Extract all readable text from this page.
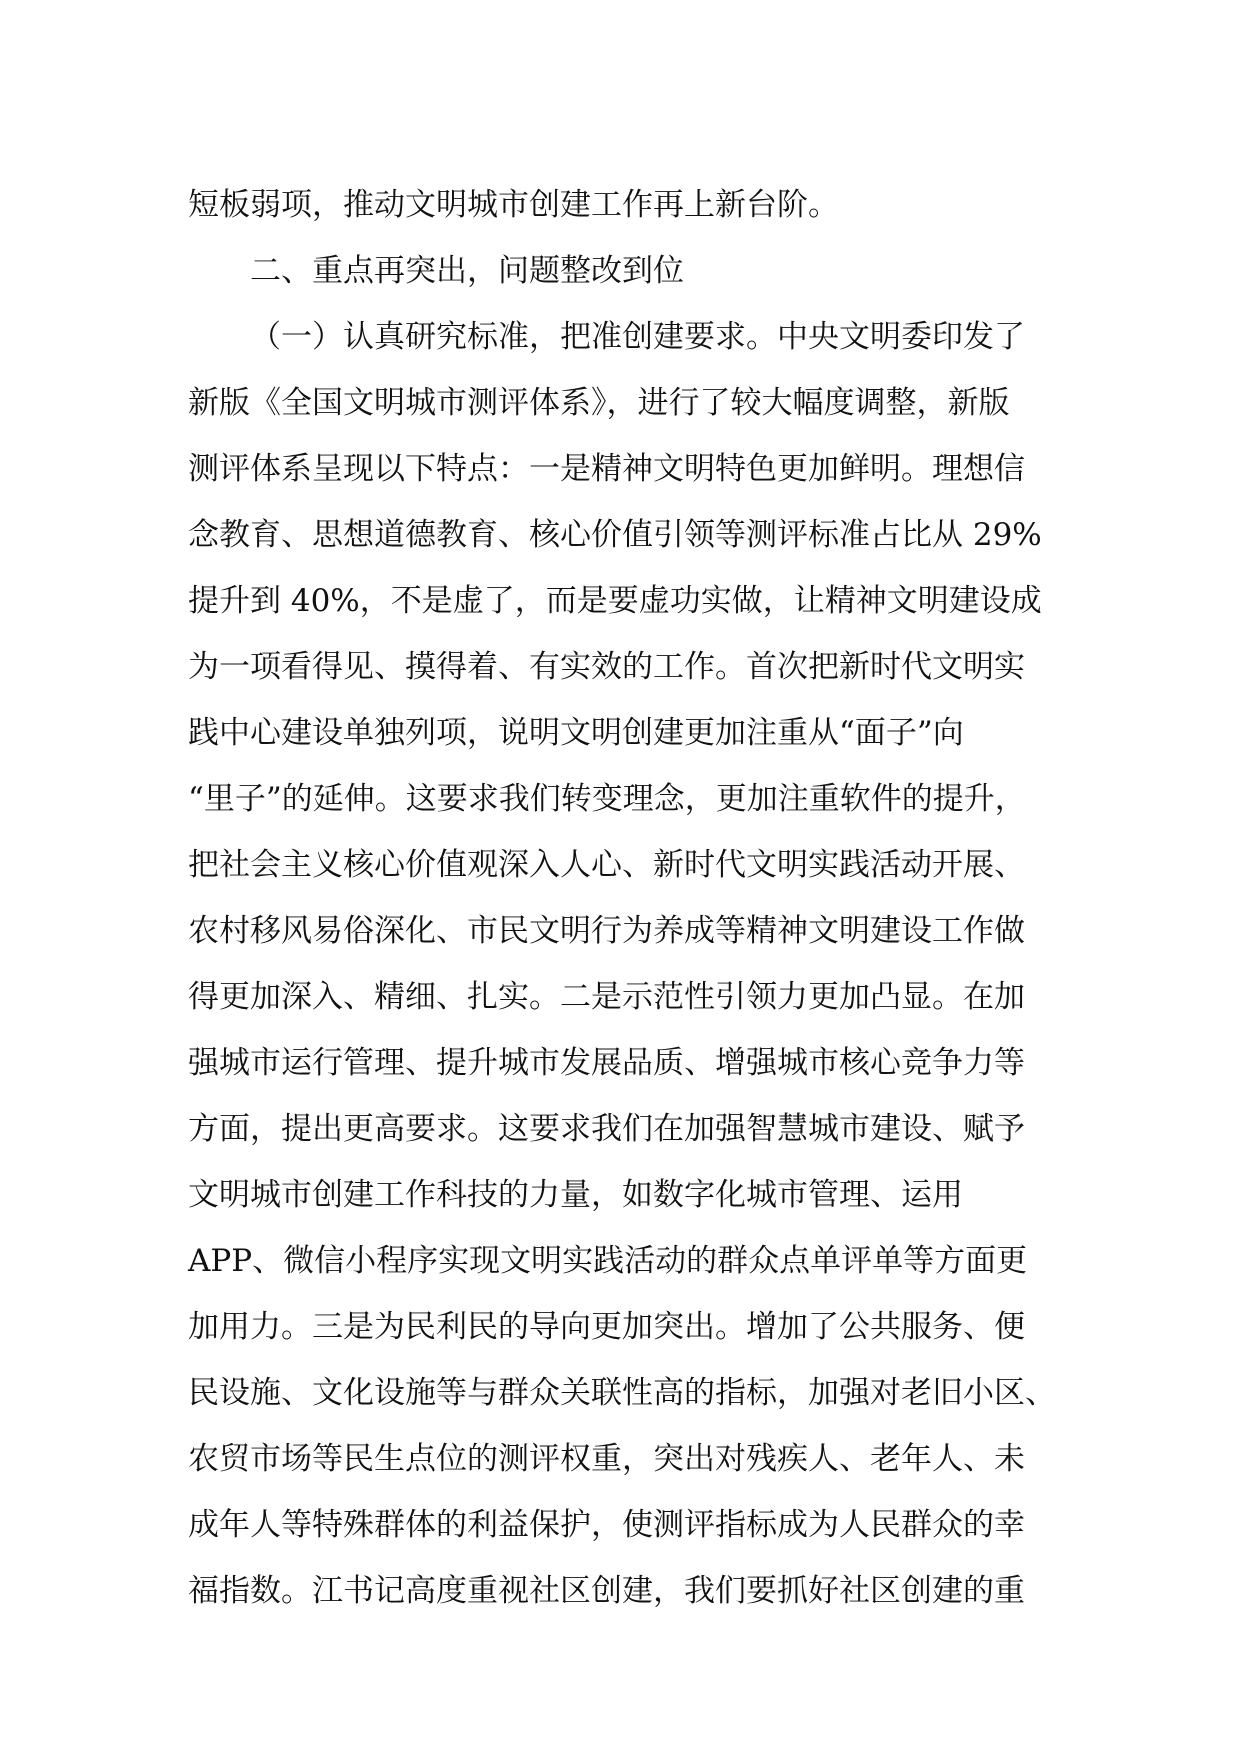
短板弱项，推动文明城市创建工作再上新台阶。
二、重点再突出，问题整改到位
（一）认真研究标准，把准创建要求。中央文明委印发了
新版《全国文明城市测评体系》，进行了较大幅度调整，新版
测评体系呈现以下特点：一是精神文明特色更加鲜明。理想信
念教育、思想道德教育、核心价值引领等测评标准占比从 29%
提升到 40%，不是虚了，而是要虚功实做，让精神文明建设成
为一项看得见、摸得着、有实效的工作。首次把新时代文明实
践中心建设单独列项，说明文明创建更加注重从“面子”向
“里子”的延伸。这要求我们转变理念，更加注重软件的提升，
把社会主义核心价值观深入人心、新时代文明实践活动开展、
农村移风易俗深化、市民文明行为养成等精神文明建设工作做
得更加深入、精细、扎实。二是示范性引领力更加凸显。在加
强城市运行管理、提升城市发展品质、增强城市核心竞争力等
方面，提出更高要求。这要求我们在加强智慧城市建设、赋予
文明城市创建工作科技的力量，如数字化城市管理、运用
APP、微信小程序实现文明实践活动的群众点单评单等方面更
加用力。三是为民利民的导向更加突出。增加了公共服务、便
民设施、文化设施等与群众关联性高的指标，加强对老旧小区、
农贸市场等民生点位的测评权重，突出对残疾人、老年人、未
成年人等特殊群体的利益保护，使测评指标成为人民群众的幸
福指数。江书记高度重视社区创建，我们要抓好社区创建的重
